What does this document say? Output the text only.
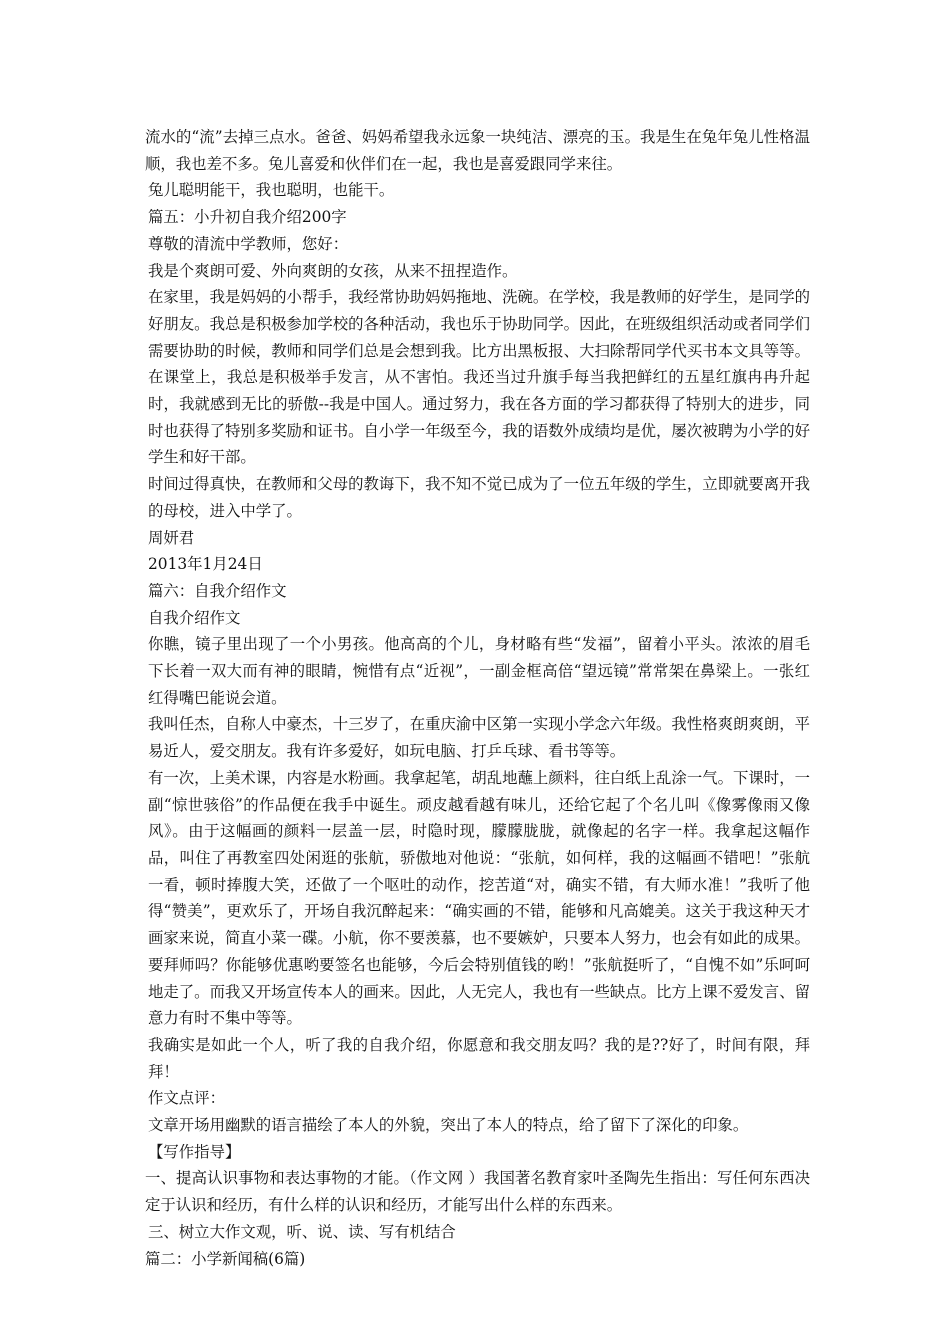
流水的“流”去掉三点水。爸爸、妈妈希望我永远象一块纯洁、漂亮的玉。我是生在兔年兔儿性格温顺，我也差不多。兔儿喜爱和伙伴们在一起，我也是喜爱跟同学来往。

兔儿聪明能干，我也聪明，也能干。

篇五：小升初自我介绍200字

尊敬的清流中学教师，您好：

我是个爽朗可爱、外向爽朗的女孩，从来不扭捏造作。

在家里，我是妈妈的小帮手，我经常协助妈妈拖地、洗碗。在学校，我是教师的好学生，是同学的好朋友。我总是积极参加学校的各种活动，我也乐于协助同学。因此，在班级组织活动或者同学们需要协助的时候，教师和同学们总是会想到我。比方出黑板报、大扫除帮同学代买书本文具等等。在课堂上，我总是积极举手发言，从不害怕。我还当过升旗手每当我把鲜红的五星红旗冉冉升起时，我就感到无比的骄傲--我是中国人。通过努力，我在各方面的学习都获得了特别大的进步，同时也获得了特别多奖励和证书。自小学一年级至今，我的语数外成绩均是优，屡次被聘为小学的好学生和好干部。

时间过得真快，在教师和父母的教诲下，我不知不觉已成为了一位五年级的学生，立即就要离开我的母校，进入中学了。

周妍君

2013年1月24日

篇六：自我介绍作文

自我介绍作文

你瞧，镜子里出现了一个小男孩。他高高的个儿，身材略有些“发福”，留着小平头。浓浓的眉毛下长着一双大而有神的眼睛，惋惜有点“近视”，一副金框高倍“望远镜”常常架在鼻梁上。一张红红得嘴巴能说会道。

我叫任杰，自称人中豪杰，十三岁了，在重庆渝中区第一实现小学念六年级。我性格爽朗爽朗，平易近人，爱交朋友。我有许多爱好，如玩电脑、打乒乓球、看书等等。

有一次，上美术课，内容是水粉画。我拿起笔，胡乱地蘸上颜料，往白纸上乱涂一气。下课时，一副“惊世骇俗”的作品便在我手中诞生。顽皮越看越有味儿，还给它起了个名儿叫《像雾像雨又像风》。由于这幅画的颜料一层盖一层，时隐时现，朦朦胧胧，就像起的名字一样。我拿起这幅作品，叫住了再教室四处闲逛的张航，骄傲地对他说：“张航，如何样，我的这幅画不错吧！”张航一看，顿时捧腹大笑，还做了一个呕吐的动作，挖苦道“对，确实不错，有大师水准！”我听了他得“赞美”，更欢乐了，开场自我沉醉起来：“确实画的不错，能够和凡高媲美。这关于我这种天才画家来说，简直小菜一碟。小航，你不要羡慕，也不要嫉妒，只要本人努力，也会有如此的成果。要拜师吗？你能够优惠哟要签名也能够，今后会特别值钱的哟！”张航挺听了，“自愧不如”乐呵呵地走了。而我又开场宣传本人的画来。因此，人无完人，我也有一些缺点。比方上课不爱发言、留意力有时不集中等等。

我确实是如此一个人，听了我的自我介绍，你愿意和我交朋友吗？我的是??好了，时间有限，拜拜！

作文点评：

文章开场用幽默的语言描绘了本人的外貌，突出了本人的特点，给了留下了深化的印象。

【写作指导】

一、提高认识事物和表达事物的才能。（作文网 ）我国著名教育家叶圣陶先生指出：写任何东西决定于认识和经历，有什么样的认识和经历，才能写出什么样的东西来。

三、树立大作文观，听、说、读、写有机结合

篇二：小学新闻稿(6篇)
